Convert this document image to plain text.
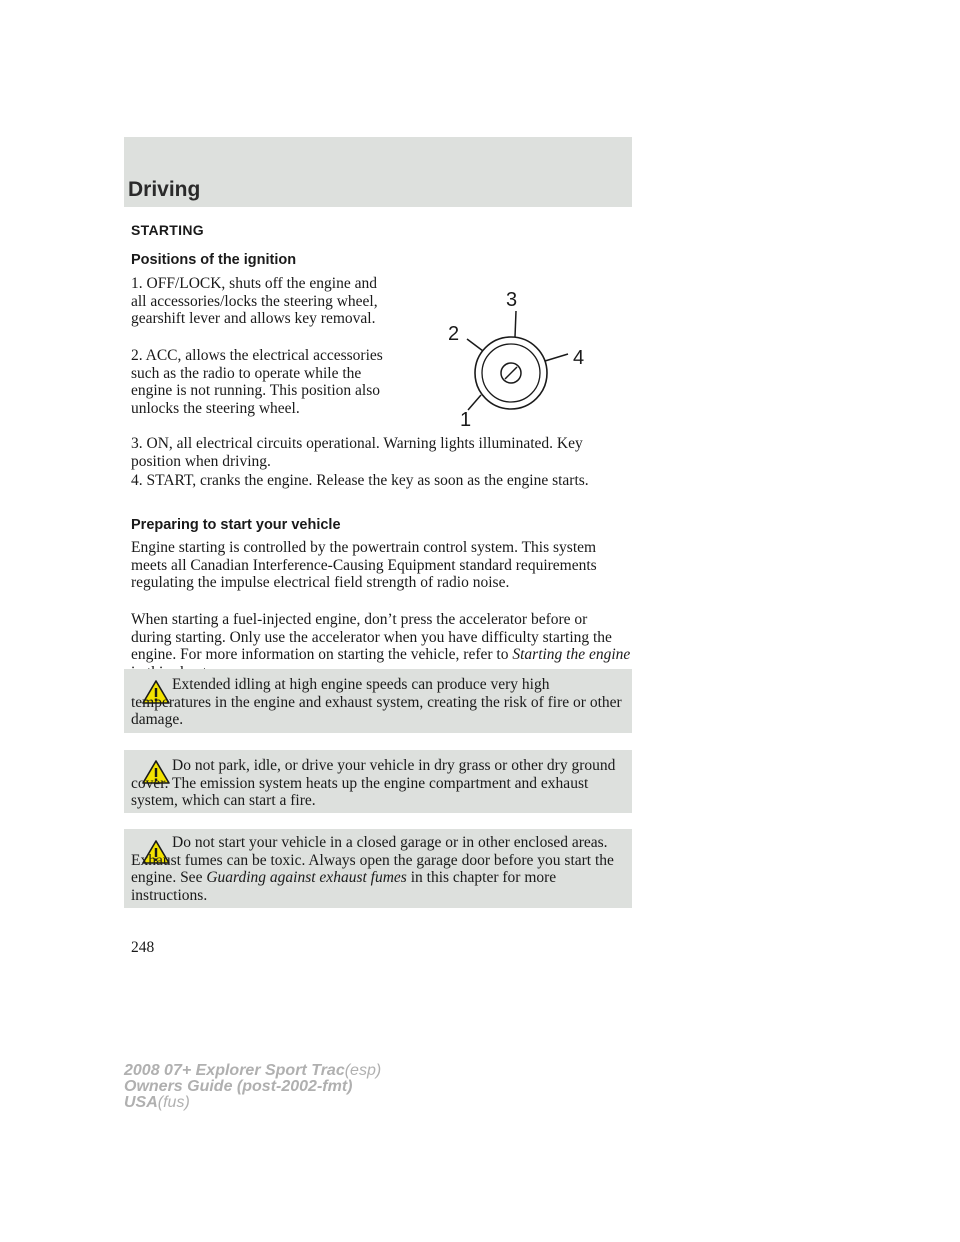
Driving
STARTING
Positions of the ignition

1. OFF/LOCK, shuts off the engine and all accessories/locks the steering wheel, gearshift lever and allows key removal.

2. ACC, allows the electrical accessories such as the radio to operate while the engine is not running. This position also unlocks the steering wheel.

3. ON, all electrical circuits operational. Warning lights illuminated. Key position when driving.

4. START, cranks the engine. Release the key as soon as the engine starts.

1
2
3
4
Preparing to start your vehicle

Engine starting is controlled by the powertrain control system. This system meets all Canadian Interference-Causing Equipment standard requirements regulating the impulse electrical field strength of radio noise.

When starting a fuel-injected engine, don’t press the accelerator before or during starting. Only use the accelerator when you have difficulty starting the engine. For more information on starting the vehicle, refer to Starting the engine

Extended idling at high engine speeds can produce very high temperatures in the engine and exhaust system, creating the risk of fire or other damage.

Do not park, idle, or drive your vehicle in dry grass or other dry ground cover. The emission system heats up the engine compartment and exhaust system, which can start a fire.

Do not start your vehicle in a closed garage or in other enclosed areas. Exhaust fumes can be toxic. Always open the garage door before you start the engine. See Guarding against exhaust fumes in this chapter for more instructions.

248
2008 07+ Explorer Sport Trac(esp)
Owners Guide (post-2002-fmt)
USA(fus)
